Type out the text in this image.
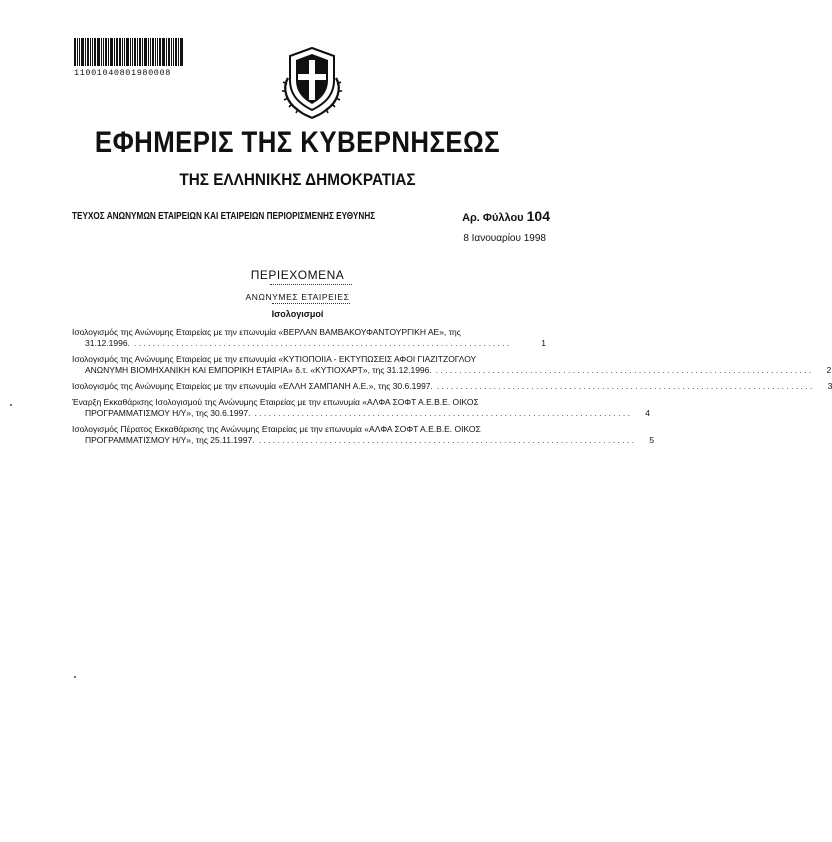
11001040801980008
ΕΦΗΜΕΡΙΣ ΤΗΣ ΚΥΒΕΡΝΗΣΕΩΣ
ΤΗΣ ΕΛΛΗΝΙΚΗΣ ΔΗΜΟΚΡΑΤΙΑΣ
ΤΕΥΧΟΣ ΑΝΩΝΥΜΩΝ ΕΤΑΙΡΕΙΩΝ ΚΑΙ ΕΤΑΙΡΕΙΩΝ ΠΕΡΙΟΡΙΣΜΕΝΗΣ ΕΥΘΥΝΗΣ	Αρ. Φύλλου 104
8 Ιανουαρίου 1998
ΠΕΡΙΕΧΟΜΕΝΑ
ΑΝΩΝΥΜΕΣ ΕΤΑΙΡΕΙΕΣ
Ισολογισμοί
Ισολογισμός της Ανώνυμης Εταιρείας με την επωνυμία «ΒΕΡΛΑΝ ΒΑΜΒΑΚΟΥΦΑΝΤΟΥΡΓΙΚΗ ΑΕ», της
31.12.1996. . . . . . . . . . . . . . . . . . . . . . . . . . . . . . . . . . . . . . . . . . . . . . . . . . . . . . . . . . . . . . . . . . . . . . . . . . . . . . . . .	1
Ισολογισμός της Ανώνυμης Εταιρείας με την επωνυμία «ΚΥΤΙΟΠΟΙΙΑ - ΕΚΤΥΠΩΣΕΙΣ ΑΦΟΙ ΓΙΑΖΙΤΖΟΓΛΟΥ
ΑΝΩΝΥΜΗ ΒΙΟΜΗΧΑΝΙΚΗ ΚΑΙ ΕΜΠΟΡΙΚΗ ΕΤΑΙΡΙΑ» δ.τ. «ΚΥΤΙΟΧΑΡΤ», της 31.12.1996. . . . . . . . . . . . . . . . . . . . . . . . . . . . . . . . . . . . . . . . . . . . . . . . . . . . . . . . . . . . . . . . . . . . . . . . . . . . . . . . .	2
Ισολογισμός της Ανώνυμης Εταιρείας με την επωνυμία «ΕΛΛΗ ΣΑΜΠΑΝΗ Α.Ε.», της 30.6.1997. . . . . . . . . . . . . . . . . . . . . . . . . . . . . . . . . . . . . . . . . . . . . . . . . . . . . . . . . . . . . . . . . . . . . . . . . . . . . . . . .	3
Έναρξη Εκκαθάρισης Ισολογισμού της Ανώνυμης Εταιρείας με την επωνυμία «ΑΛΦΑ ΣΟΦΤ Α.Ε.Β.Ε. ΟΙΚΟΣ
ΠΡΟΓΡΑΜΜΑΤΙΣΜΟΥ Η/Υ», της 30.6.1997. . . . . . . . . . . . . . . . . . . . . . . . . . . . . . . . . . . . . . . . . . . . . . . . . . . . . . . . . . . . . . . . . . . . . . . . . . . . . . . . .	4
Ισολογισμός Πέρατος Εκκαθάρισης της Ανώνυμης Εταιρείας με την επωνυμία «ΑΛΦΑ ΣΟΦΤ Α.Ε.Β.Ε. ΟΙΚΟΣ
ΠΡΟΓΡΑΜΜΑΤΙΣΜΟΥ Η/Υ», της 25.11.1997. . . . . . . . . . . . . . . . . . . . . . . . . . . . . . . . . . . . . . . . . . . . . . . . . . . . . . . . . . . . . . . . . . . . . . . . . . . . . . . . .	5
